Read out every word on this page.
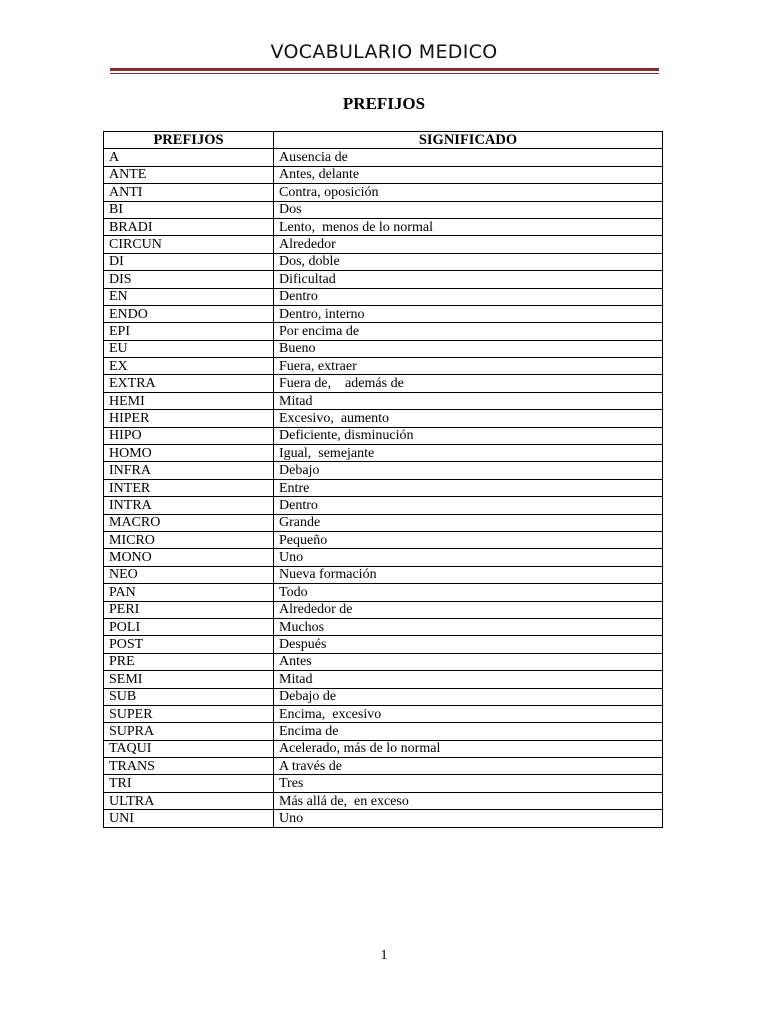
VOCABULARIO MEDICO
PREFIJOS
PREFIJOS	SIGNIFICADO
A	Ausencia de
ANTE	Antes, delante
ANTI	Contra, oposición
BI	Dos
BRADI	Lento,  menos de lo normal
CIRCUN	Alrededor
DI	Dos, doble
DIS	Dificultad
EN	Dentro
ENDO	Dentro, interno
EPI	Por encima de
EU	Bueno
EX	Fuera, extraer
EXTRA	Fuera de,    además de
HEMI	Mitad
HIPER	Excesivo,  aumento
HIPO	Deficiente, disminución
HOMO	Igual,  semejante
INFRA	Debajo
INTER	Entre
INTRA	Dentro
MACRO	Grande
MICRO	Pequeño
MONO	Uno
NEO	Nueva formación
PAN	Todo
PERI	Alrededor de
POLI	Muchos
POST	Después
PRE	Antes
SEMI	Mitad
SUB	Debajo de
SUPER	Encima,  excesivo
SUPRA	Encima de
TAQUI	Acelerado, más de lo normal
TRANS	A través de
TRI	Tres
ULTRA	Más allá de,  en exceso
UNI	Uno
1
